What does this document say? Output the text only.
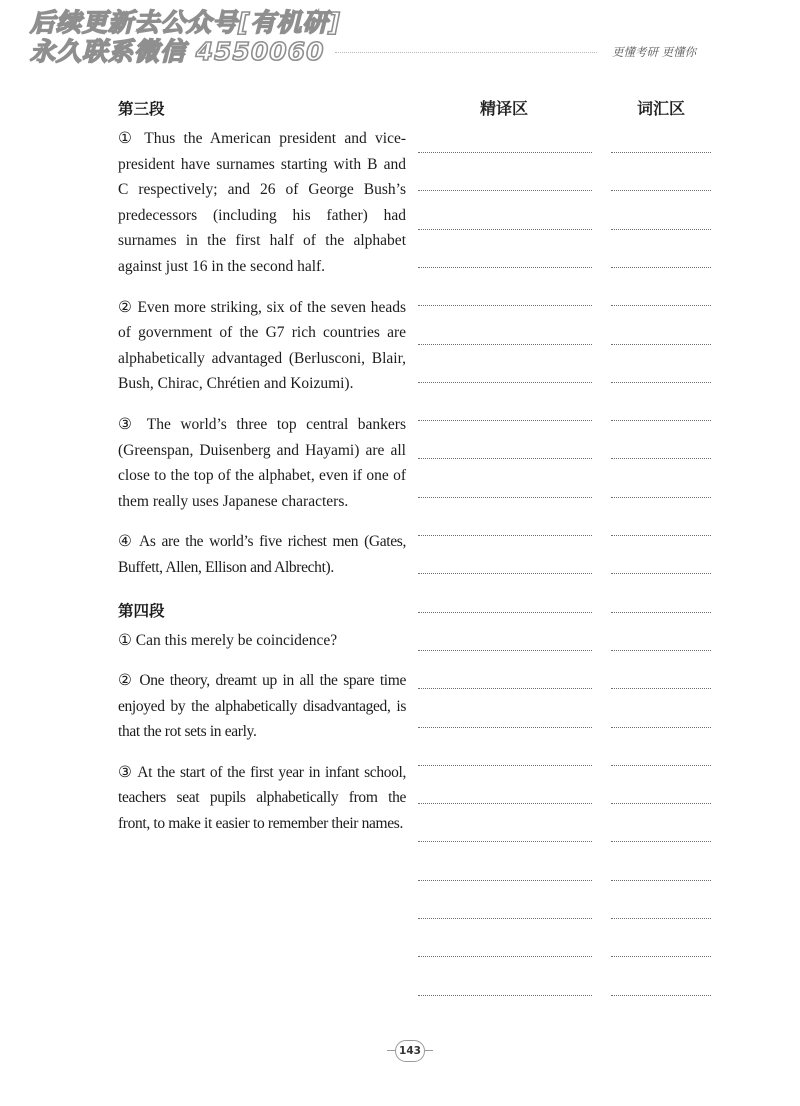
后续更新去公众号[有机研]
永久联系微信 4550060	更懂考研 更懂你
精译区	词汇区
第三段

① Thus the American president and vice-president have surnames starting with B and C respectively; and 26 of George Bush’s predecessors (including his father) had surnames in the first half of the alphabet against just 16 in the second half.

② Even more striking, six of the seven heads of government of the G7 rich countries are alphabetically advantaged (Berlusconi, Blair, Bush, Chirac, Chrétien and Koizumi).

③ The world’s three top central bankers (Greenspan, Duisenberg and Hayami) are all close to the top of the alphabet, even if one of them really uses Japanese characters.

④ As are the world’s five richest men (Gates, Buffett, Allen, Ellison and Albrecht).

第四段

① Can this merely be coincidence?

② One theory, dreamt up in all the spare time enjoyed by the alphabetically disadvantaged, is that the rot sets in early.

③ At the start of the first year in infant school, teachers seat pupils alphabetically from the front, to make it easier to remember their names.

143
